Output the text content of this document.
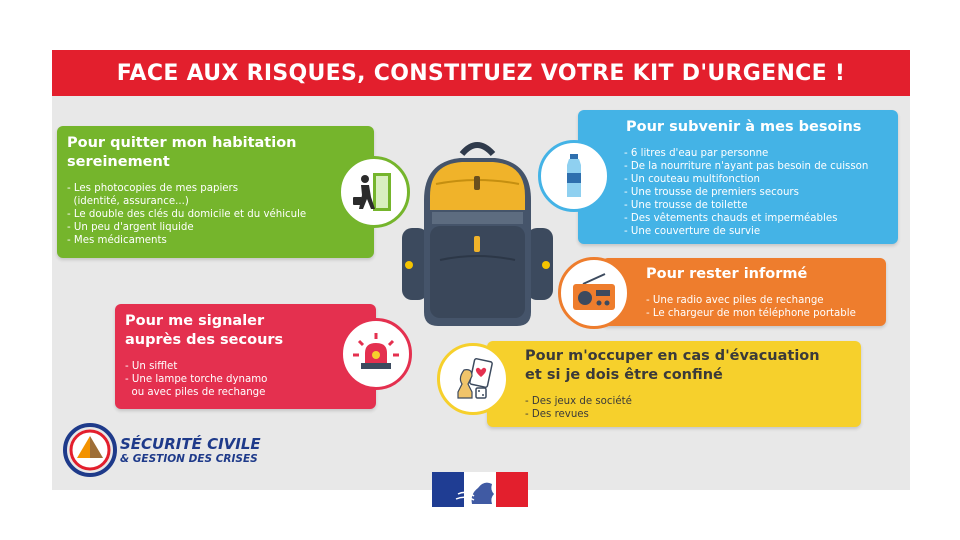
FACE AUX RISQUES, CONSTITUEZ VOTRE KIT D'URGENCE !
Pour quitter mon habitation
sereinement
- Les photocopies de mes papiers
(identité, assurance...)
- Le double des clés du domicile et du véhicule
- Un peu d'argent liquide
- Mes médicaments
Pour me signaler
auprès des secours
- Un sifflet
- Une lampe torche dynamo
ou avec piles de rechange
Pour subvenir à mes besoins
- 6 litres d'eau par personne
- De la nourriture n'ayant pas besoin de cuisson
- Un couteau multifonction
- Une trousse de premiers secours
- Une trousse de toilette
- Des vêtements chauds et imperméables
- Une couverture de survie
Pour rester informé
- Une radio avec piles de rechange
- Le chargeur de mon téléphone portable
Pour m'occuper en cas d'évacuation
et si je dois être confiné
- Des jeux de société
- Des revues
SÉCURITÉ CIVILE
& GESTION DES CRISES
